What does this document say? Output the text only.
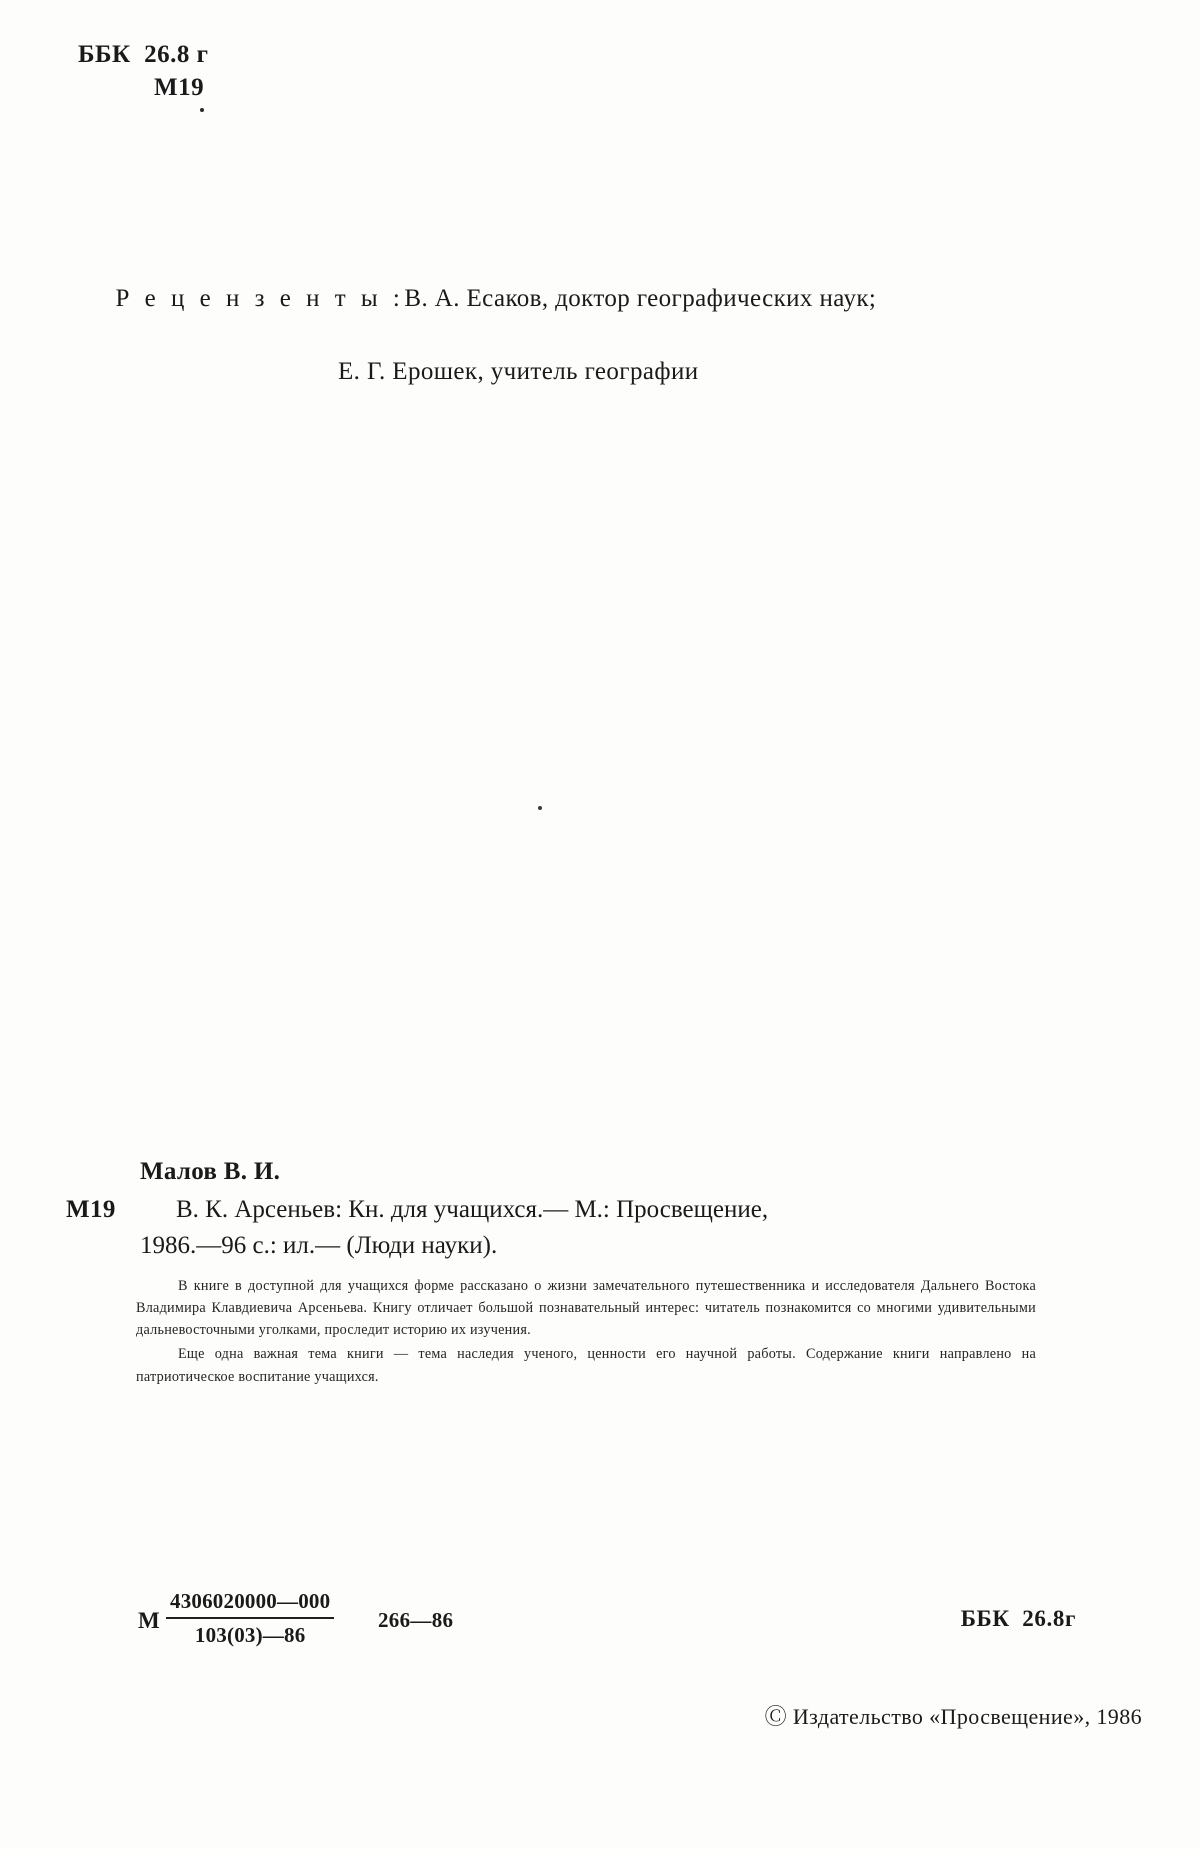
ББК  26.8 г
М19

Р е ц е н з е н т ы :В. А. Есаков, доктор географических наук;

Е. Г. Ерошек, учитель географии
Малов В. И.
М19 В. К. Арсеньев: Кн. для учащихся.— М.: Просвещение,
1986.—96 с.: ил.— (Люди науки).

В книге в доступной для учащихся форме рассказано о жизни замечательного путешественника и исследователя Дальнего Востока Владимира Клавдиевича Арсеньева. Книгу отличает большой познавательный интерес: читатель познакомится со многими удивительными дальневосточными уголками, проследит историю их изучения.

Еще одна важная тема книги — тема наследия ученого, ценности его научной работы. Содержание книги направлено на патриотическое воспитание учащихся.

М
4306020000—000
103(03)—86
266—86	ББК  26.8г
Ⓒ Издательство «Просвещение», 1986
